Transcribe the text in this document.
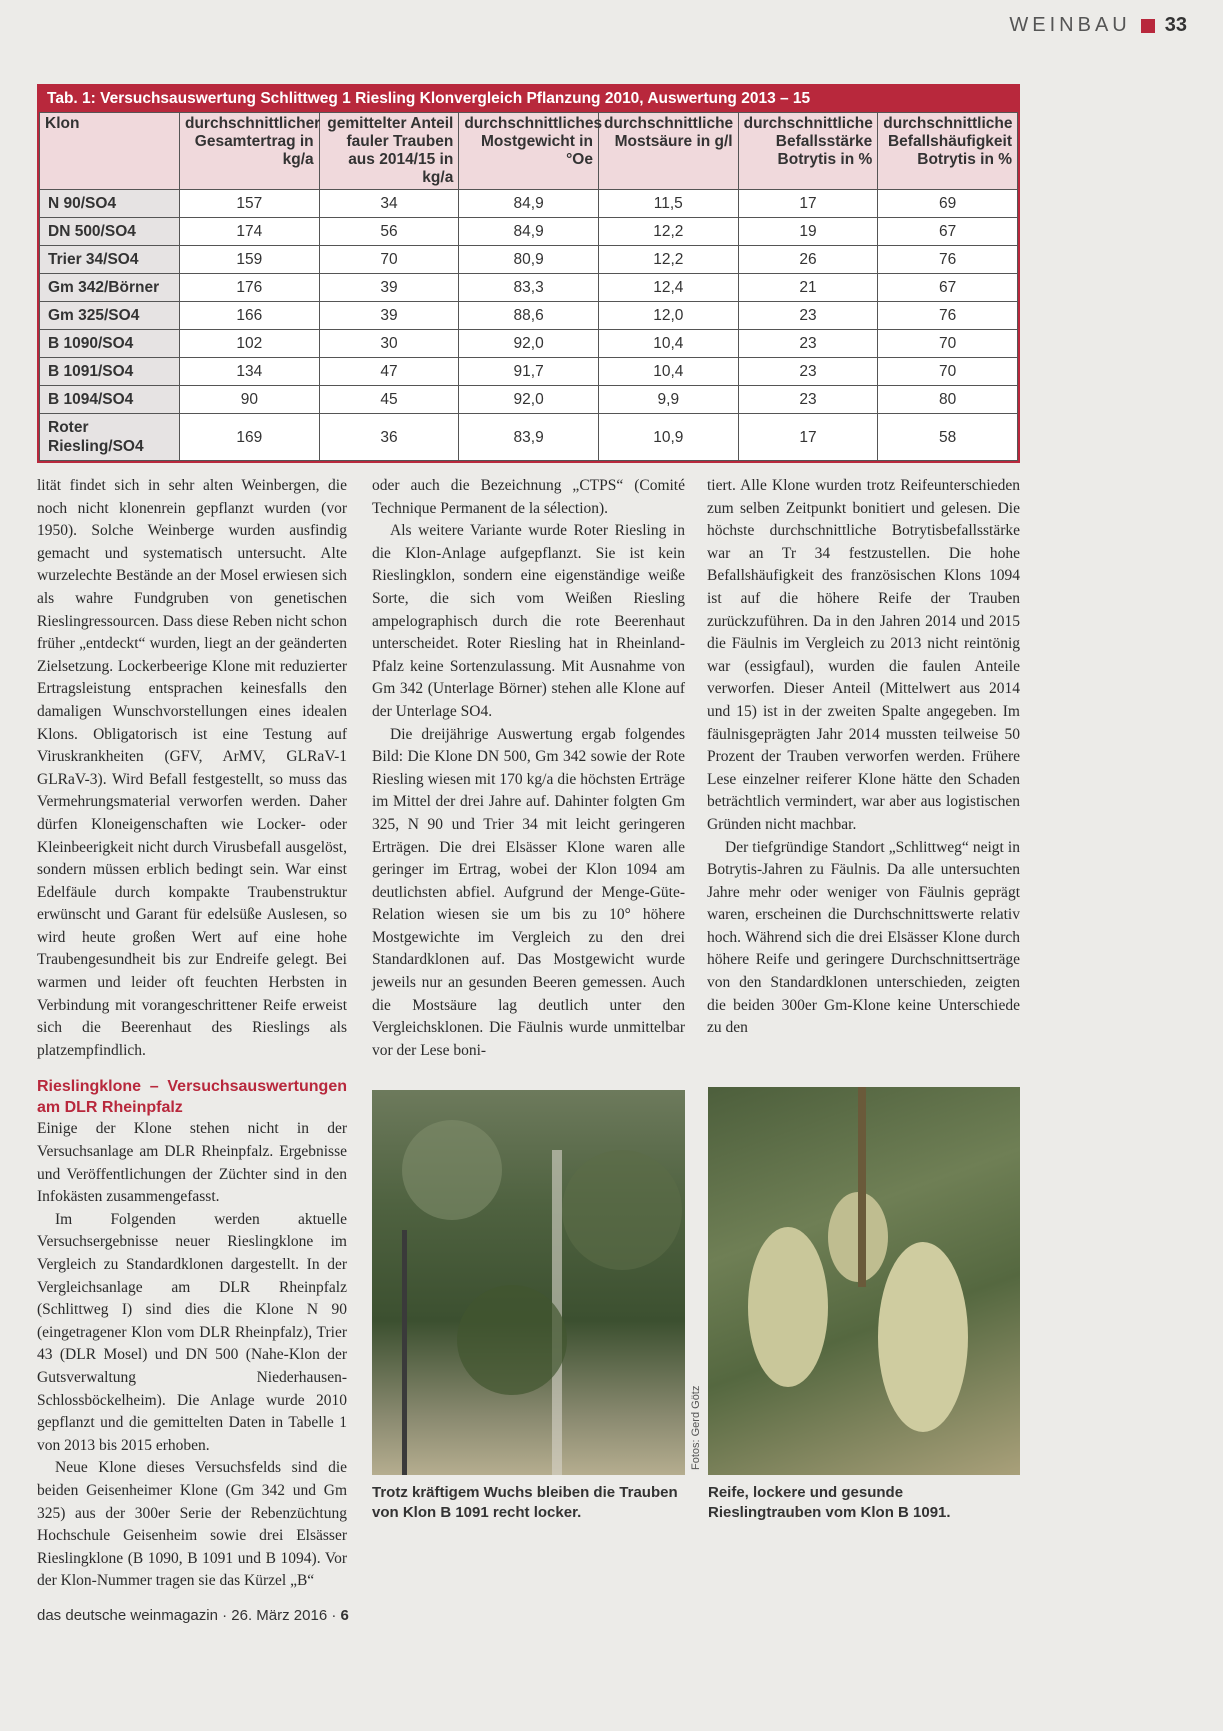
WEINBAU 33
Tab. 1: Versuchsauswertung Schlittweg 1 Riesling Klonvergleich Pflanzung 2010, Auswertung 2013 – 15
Klon	durchschnittlicher Gesamtertrag in kg/a	gemittelter Anteil fauler Trauben aus 2014/15 in kg/a	durchschnittliches Mostgewicht in °Oe	durchschnittliche Mostsäure in g/l	durchschnittliche Befallsstärke Botrytis in %	durchschnittliche Befallshäufigkeit Botrytis in %
N 90/SO4	157	34	84,9	11,5	17	69
DN 500/SO4	174	56	84,9	12,2	19	67
Trier 34/SO4	159	70	80,9	12,2	26	76
Gm 342/Börner	176	39	83,3	12,4	21	67
Gm 325/SO4	166	39	88,6	12,0	23	76
B 1090/SO4	102	30	92,0	10,4	23	70
B 1091/SO4	134	47	91,7	10,4	23	70
B 1094/SO4	90	45	92,0	9,9	23	80
Roter Riesling/SO4	169	36	83,9	10,9	17	58

lität findet sich in sehr alten Weinbergen, die noch nicht klonenrein gepflanzt wurden (vor 1950). Solche Weinberge wurden ausfindig gemacht und systematisch untersucht. Alte wurzelechte Bestände an der Mosel erwiesen sich als wahre Fundgruben von genetischen Rieslingressourcen. Dass diese Reben nicht schon früher „entdeckt“ wurden, liegt an der geänderten Zielsetzung. Lockerbeerige Klone mit reduzierter Ertragsleistung entsprachen keinesfalls den damaligen Wunschvorstellungen eines idealen Klons. Obligatorisch ist eine Testung auf Viruskrankheiten (GFV, ArMV, GLRaV-1 GLRaV-3). Wird Befall festgestellt, so muss das Vermehrungsmaterial verworfen werden. Daher dürfen Kloneigenschaften wie Locker- oder Kleinbeerigkeit nicht durch Virusbefall ausgelöst, sondern müssen erblich bedingt sein. War einst Edelfäule durch kompakte Traubenstruktur erwünscht und Garant für edelsüße Auslesen, so wird heute großen Wert auf eine hohe Traubengesundheit bis zur Endreife gelegt. Bei warmen und leider oft feuchten Herbsten in Verbindung mit vorangeschrittener Reife erweist sich die Beerenhaut des Rieslings als platzempfindlich.

oder auch die Bezeichnung „CTPS“ (Comité Technique Permanent de la sélection).

Als weitere Variante wurde Roter Riesling in die Klon-Anlage aufgepflanzt. Sie ist kein Rieslingklon, sondern eine eigenständige weiße Sorte, die sich vom Weißen Riesling ampelographisch durch die rote Beerenhaut unterscheidet. Roter Riesling hat in Rheinland-Pfalz keine Sortenzulassung. Mit Ausnahme von Gm 342 (Unterlage Börner) stehen alle Klone auf der Unterlage SO4.

Die dreijährige Auswertung ergab folgendes Bild: Die Klone DN 500, Gm 342 sowie der Rote Riesling wiesen mit 170 kg/a die höchsten Erträge im Mittel der drei Jahre auf. Dahinter folgten Gm 325, N 90 und Trier 34 mit leicht geringeren Erträgen. Die drei Elsässer Klone waren alle geringer im Ertrag, wobei der Klon 1094 am deutlichsten abfiel. Aufgrund der Menge-Güte-Relation wiesen sie um bis zu 10° höhere Mostgewichte im Vergleich zu den drei Standardklonen auf. Das Mostgewicht wurde jeweils nur an gesunden Beeren gemessen. Auch die Mostsäure lag deutlich unter den Vergleichsklonen. Die Fäulnis wurde unmittelbar vor der Lese boni-

tiert. Alle Klone wurden trotz Reifeunterschieden zum selben Zeitpunkt bonitiert und gelesen. Die höchste durchschnittliche Botrytisbefallsstärke war an Tr 34 festzustellen. Die hohe Befallshäufigkeit des französischen Klons 1094 ist auf die höhere Reife der Trauben zurückzuführen. Da in den Jahren 2014 und 2015 die Fäulnis im Vergleich zu 2013 nicht reintönig war (essigfaul), wurden die faulen Anteile verworfen. Dieser Anteil (Mittelwert aus 2014 und 15) ist in der zweiten Spalte angegeben. Im fäulnisgeprägten Jahr 2014 mussten teilweise 50 Prozent der Trauben verworfen werden. Frühere Lese einzelner reiferer Klone hätte den Schaden beträchtlich vermindert, war aber aus logistischen Gründen nicht machbar.

Der tiefgründige Standort „Schlittweg“ neigt in Botrytis-Jahren zu Fäulnis. Da alle untersuchten Jahre mehr oder weniger von Fäulnis geprägt waren, erscheinen die Durchschnittswerte relativ hoch. Während sich die drei Elsässer Klone durch höhere Reife und geringere Durchschnittserträge von den Standardklonen unterschieden, zeigten die beiden 300er Gm-Klone keine Unterschiede zu den

Rieslingklone – Versuchsauswertungen am DLR Rheinpfalz

Einige der Klone stehen nicht in der Versuchsanlage am DLR Rheinpfalz. Ergebnisse und Veröffentlichungen der Züchter sind in den Infokästen zusammengefasst.

Im Folgenden werden aktuelle Versuchsergebnisse neuer Rieslingklone im Vergleich zu Standardklonen dargestellt. In der Vergleichsanlage am DLR Rheinpfalz (Schlittweg I) sind dies die Klone N 90 (eingetragener Klon vom DLR Rheinpfalz), Trier 43 (DLR Mosel) und DN 500 (Nahe-Klon der Gutsverwaltung Niederhausen-Schlossböckelheim). Die Anlage wurde 2010 gepflanzt und die gemittelten Daten in Tabelle 1 von 2013 bis 2015 erhoben.

Neue Klone dieses Versuchsfelds sind die beiden Geisenheimer Klone (Gm 342 und Gm 325) aus der 300er Serie der Rebenzüchtung Hochschule Geisenheim sowie drei Elsässer Rieslingklone (B 1090, B 1091 und B 1094). Vor der Klon-Nummer tragen sie das Kürzel „B“

Fotos: Gerd Götz
Trotz kräftigem Wuchs bleiben die Trauben von Klon B 1091 recht locker.
Reife, lockere und gesunde Rieslingtrauben vom Klon B 1091.
das deutsche weinmagazin · 26. März 2016 · 6
